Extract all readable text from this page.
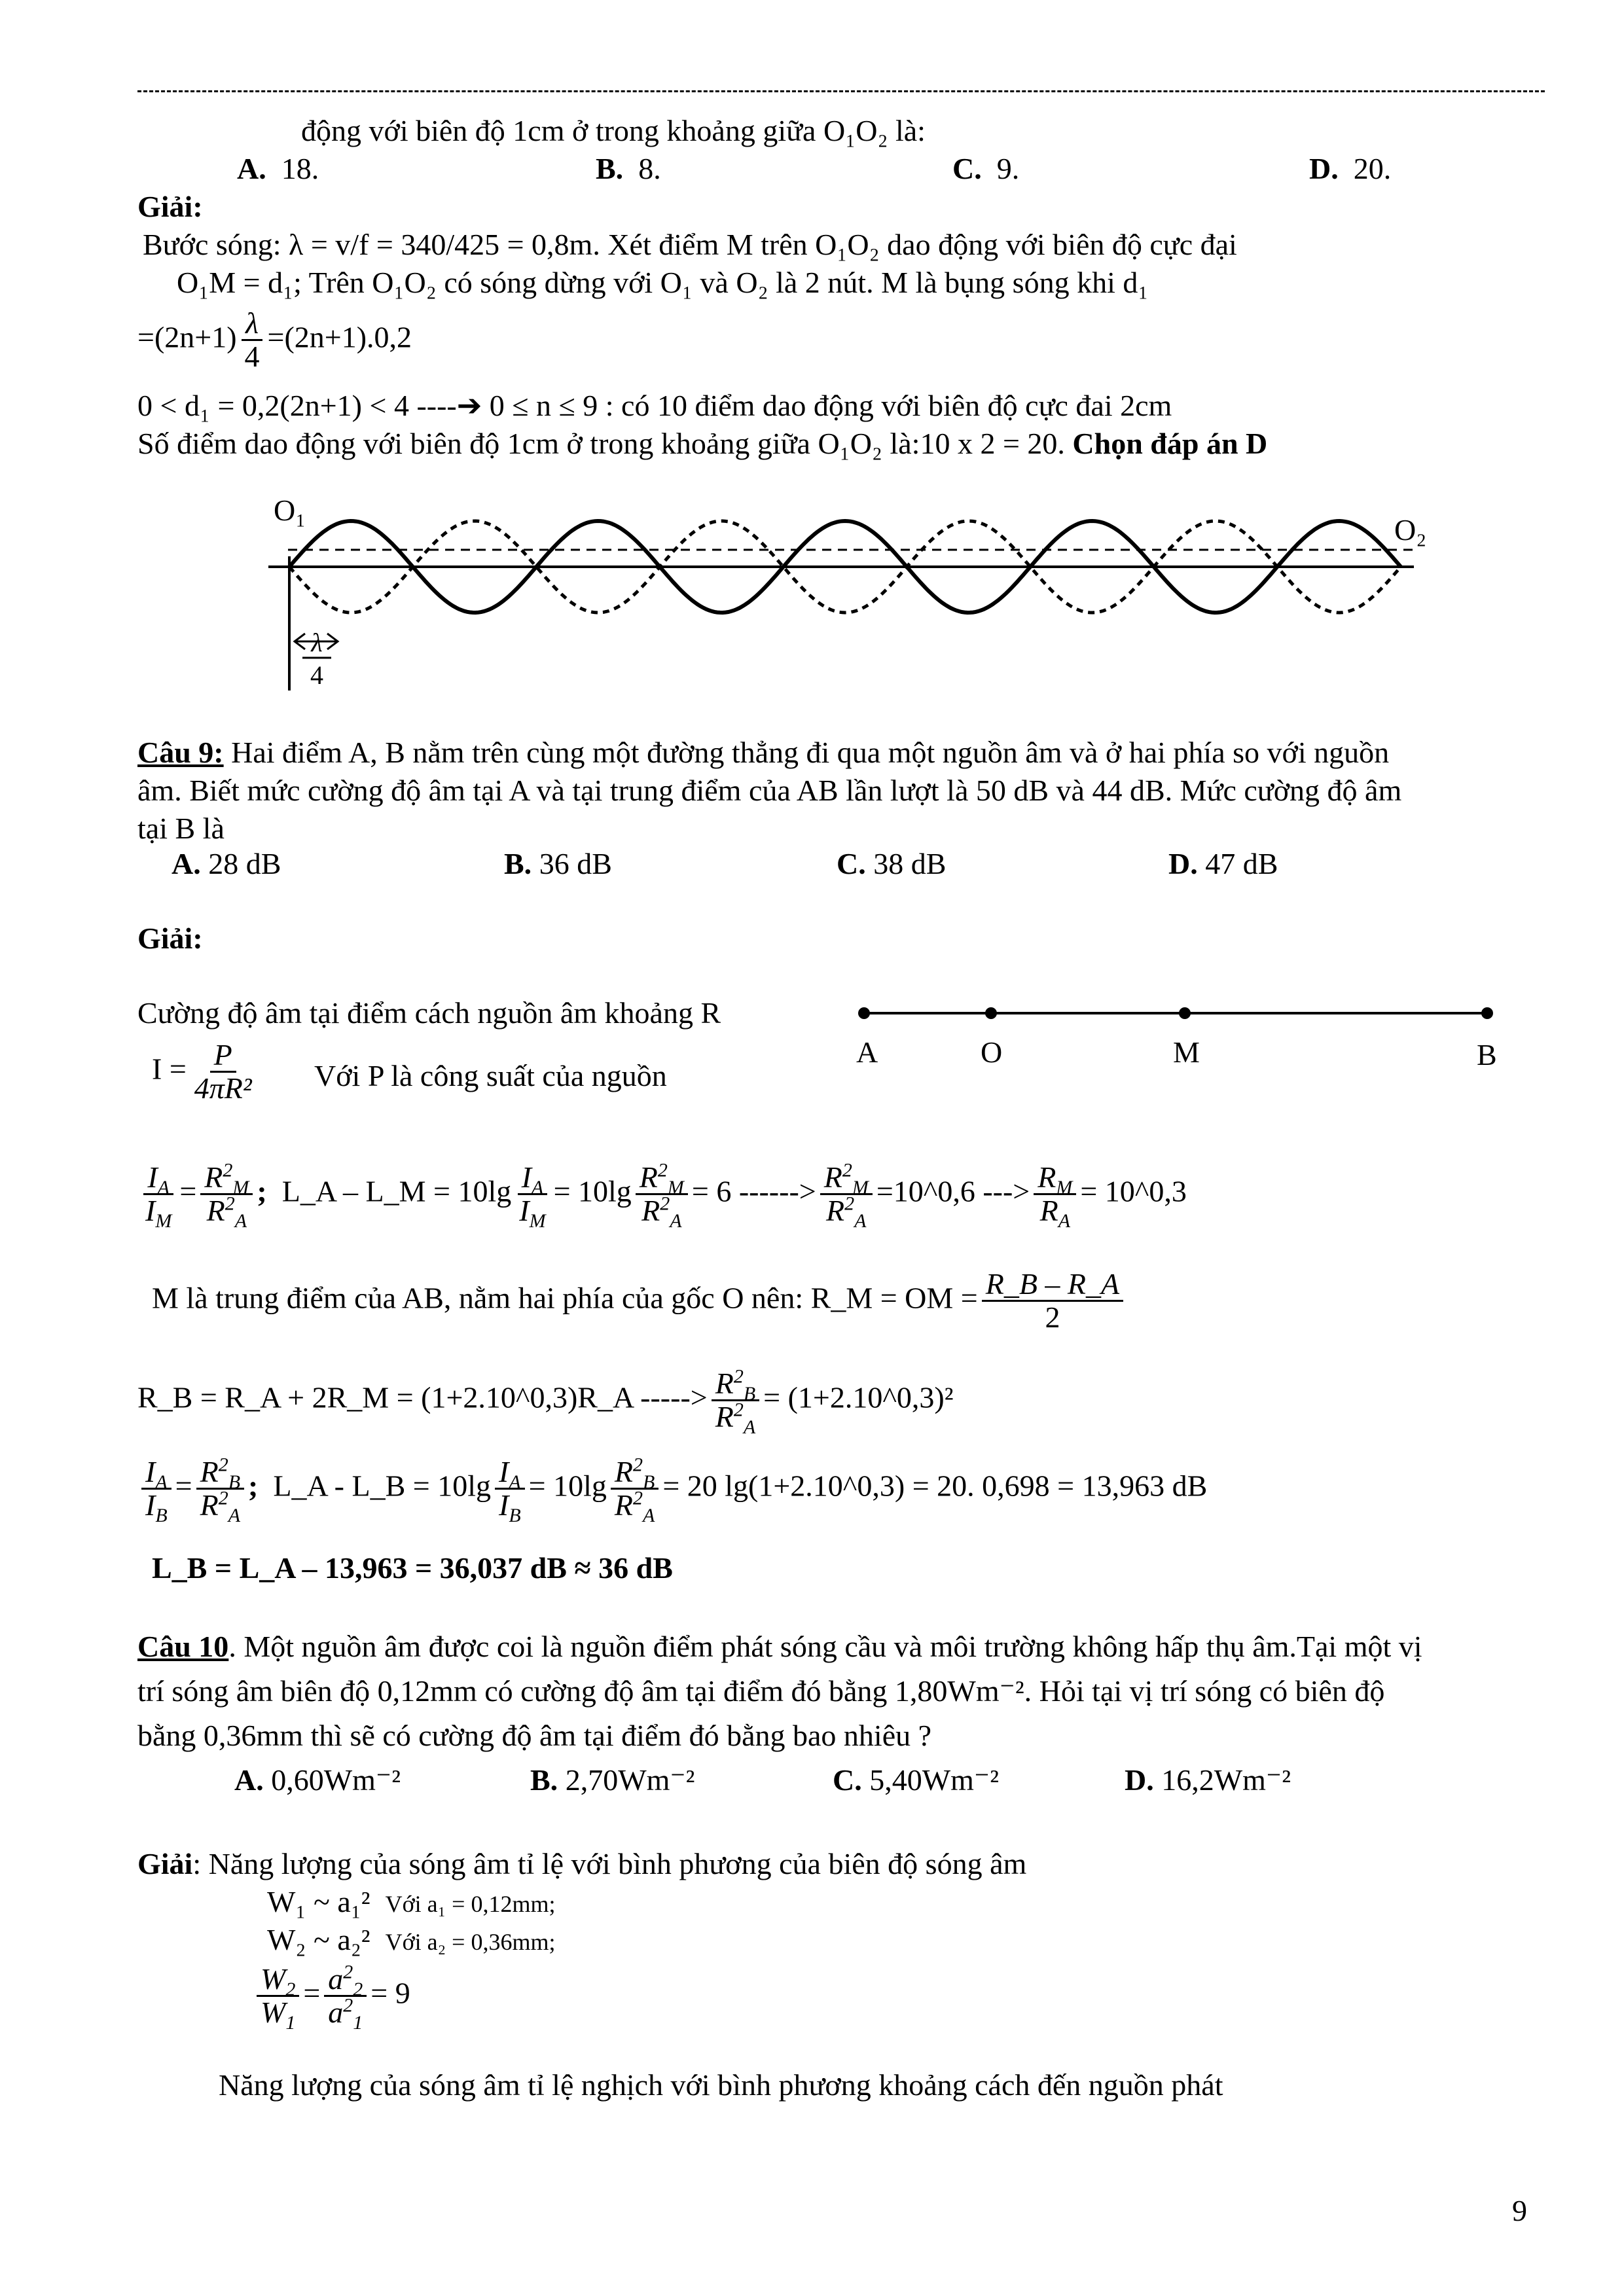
động với biên độ 1cm ở trong khoảng giữa O₁O₂ là:
A. 18.	B. 8.	C. 9.	D. 20.
Giải:
Bước sóng: λ = v/f = 340/425 = 0,8m. Xét điểm M trên O₁O₂ dao động với biên độ cực đại
O₁M = d₁; Trên O₁O₂ có sóng dừng với O₁ và O₂ là 2 nút. M là bụng sóng khi d₁
$=(2n+1) \frac{\lambda}{4} =(2n+1).0,2$
0 < d₁ = 0,2(2n+1) < 4 ----➔ 0 ≤ n ≤ 9 : có 10 điểm dao động với biên độ cực đai 2cm
Số điểm dao động với biên độ 1cm ở trong khoảng giữa O₁O₂ là:10 x 2 = 20. Chọn đáp án D
O₁
O₂
λ
4
Câu 9: Hai điểm A, B nằm trên cùng một đường thẳng đi qua một nguồn âm và ở hai phía so với nguồn
âm. Biết mức cường độ âm tại A và tại trung điểm của AB lần lượt là 50 dB và 44 dB. Mức cường độ âm
tại B là
A. 28 dB	B. 36 dB	C. 38 dB	D. 47 dB
Giải:
Cường độ âm tại điểm cách nguồn âm khoảng R
$I = \frac{P}{\text{4πR²}}$ Với P là công suất của nguồn
A	O	M	B
$\frac{I_A}{I_M} = \frac{R^2_M}{R^2_A}$ ; L_A – L_M = $10\lg \frac{I_A}{I_M} = 10\lg \frac{R^2_M}{R^2_A} = 6$ ------> $\frac{R^2_M}{R^2_A}$ =10^0,6 ---> $\frac{R_M}{R_A}$ = 10^0,3
M là trung điểm của AB, nằm hai phía của gốc O nên: R_M = OM = $\frac{R\_B - R\_A}{2}$
R_B = R_A + 2R_M = (1+2.10^0,3)R_A -----> $\frac{R^2_B}{R^2_A}$ = (1+2.10^0,3)²
$\frac{I_A}{I_B} = \frac{R^2_B}{R^2_A}$ ; L_A - L_B = $10\lg \frac{I_A}{I_B} = 10\lg \frac{R^2_B}{R^2_A} = 20$ lg(1+2.10^0,3) = 20. 0,698 = 13,963 dB
L_B = L_A – 13,963 = 36,037 dB ≈ 36 dB
Câu 10. Một nguồn âm được coi là nguồn điểm phát sóng cầu và môi trường không hấp thụ âm.Tại một vị
trí sóng âm biên độ 0,12mm có cường độ âm tại điểm đó bằng 1,80Wm⁻². Hỏi tại vị trí sóng có biên độ
bằng 0,36mm thì sẽ có cường độ âm tại điểm đó bằng bao nhiêu ?
A. 0,60Wm⁻²	B. 2,70Wm⁻²	C. 5,40Wm⁻²	D. 16,2Wm⁻²
Giải: Năng lượng của sóng âm tỉ lệ với bình phương của biên độ sóng âm
W₁ ~ a₁² Với a₁ = 0,12mm;
W₂ ~ a₂² Với a₂ = 0,36mm;
$\frac{W_2}{W_1} = \frac{a^2_2}{a^2_1} = 9$
Năng lượng của sóng âm tỉ lệ nghịch với bình phương khoảng cách đến nguồn phát
9
